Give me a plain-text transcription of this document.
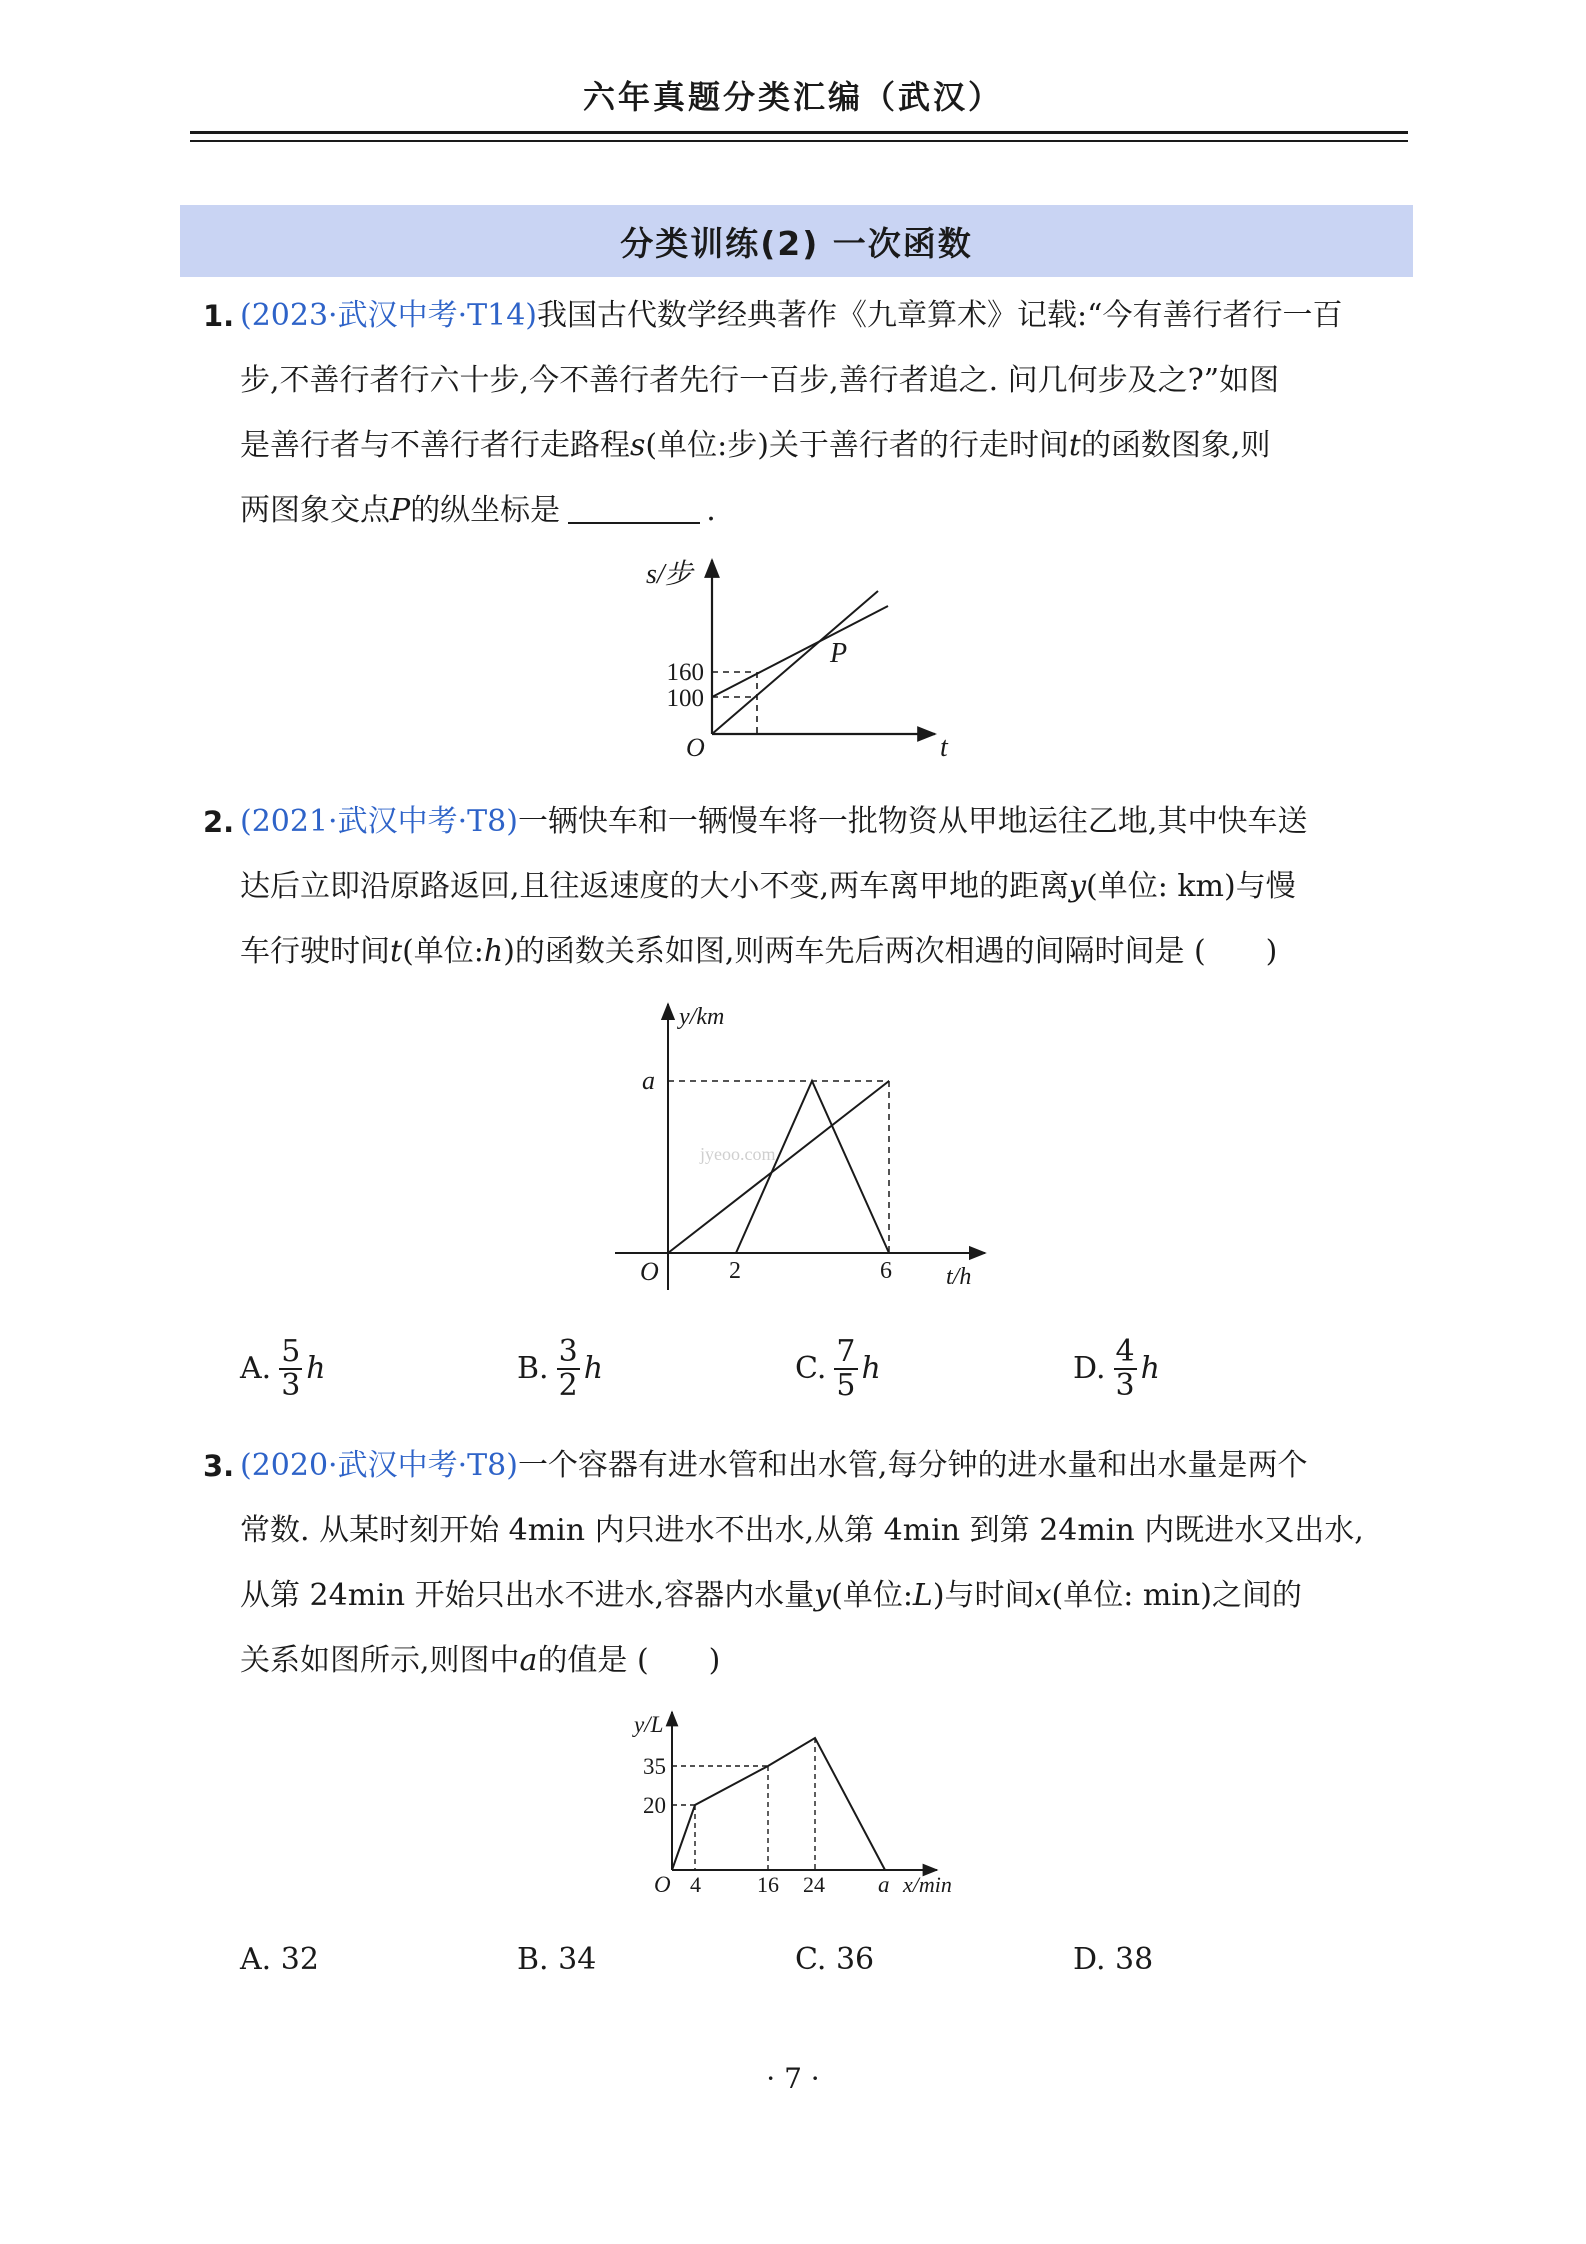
六年真题分类汇编（武汉）
分类训练(2) 一次函数
1. (2023·武汉中考·T14)我国古代数学经典著作《九章算术》记载:“今有善行者行一百
步,不善行者行六十步,今不善行者先行一百步,善行者追之. 问几何步及之?”如图
是善行者与不善行者行走路程s(单位:步)关于善行者的行走时间t的函数图象,则
两图象交点P的纵坐标是	.
s/步
160
100
O	t
P
2. (2021·武汉中考·T8)一辆快车和一辆慢车将一批物资从甲地运往乙地,其中快车送
达后立即沿原路返回,且往返速度的大小不变,两车离甲地的距离y(单位: km)与慢
车行驶时间t(单位:h)的函数关系如图,则两车先后两次相遇的间隔时间是 (　　)
y/km
a
jyeoo.com
O	2	6 t/h
A. $\frac{5}{3}$ h	B. $\frac{3}{2}$ h	C. $\frac{7}{5}$ h	D. $\frac{4}{3}$ h
3. (2020·武汉中考·T8)一个容器有进水管和出水管,每分钟的进水量和出水量是两个
常数. 从某时刻开始 4min 内只进水不出水,从第 4min 到第 24min 内既进水又出水,
从第 24min 开始只出水不进水,容器内水量y(单位:L)与时间x(单位: min)之间的
关系如图所示,则图中a的值是 (　　)
y/L
35
20
O 4	16 24 a x/min
A. 32	B. 34	C. 36	D. 38
· 7 ·
